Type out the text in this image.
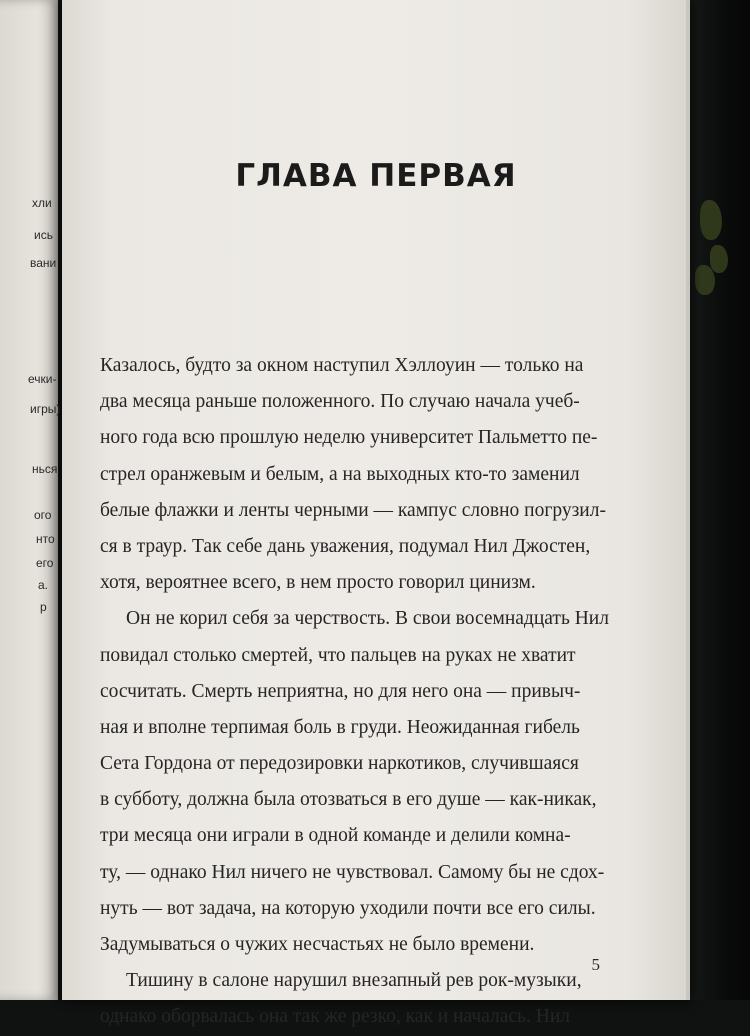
хли
ись
вани
ечки-
игры)
нься
ого
нто
его
а.
р
ГЛАВА ПЕРВАЯ
Казалось, будто за окном наступил Хэллоуин — только на
два месяца раньше положенного. По случаю начала учеб-
ного года всю прошлую неделю университет Пальметто пе-
стрел оранжевым и белым, а на выходных кто-то заменил
белые флажки и ленты черными — кампус словно погрузил-
ся в траур. Так себе дань уважения, подумал Нил Джостен,
хотя, вероятнее всего, в нем просто говорил цинизм.
Он не корил себя за черствость. В свои восемнадцать Нил
повидал столько смертей, что пальцев на руках не хватит
сосчитать. Смерть неприятна, но для него она — привыч-
ная и вполне терпимая боль в груди. Неожиданная гибель
Сета Гордона от передозировки наркотиков, случившаяся
в субботу, должна была отозваться в его душе — как-никак,
три месяца они играли в одной команде и делили комна-
ту, — однако Нил ничего не чувствовал. Самому бы не сдох-
нуть — вот задача, на которую уходили почти все его силы.
Задумываться о чужих несчастьях не было времени.
Тишину в салоне нарушил внезапный рев рок-музыки,
однако оборвалась она так же резко, как и началась. Нил
5
